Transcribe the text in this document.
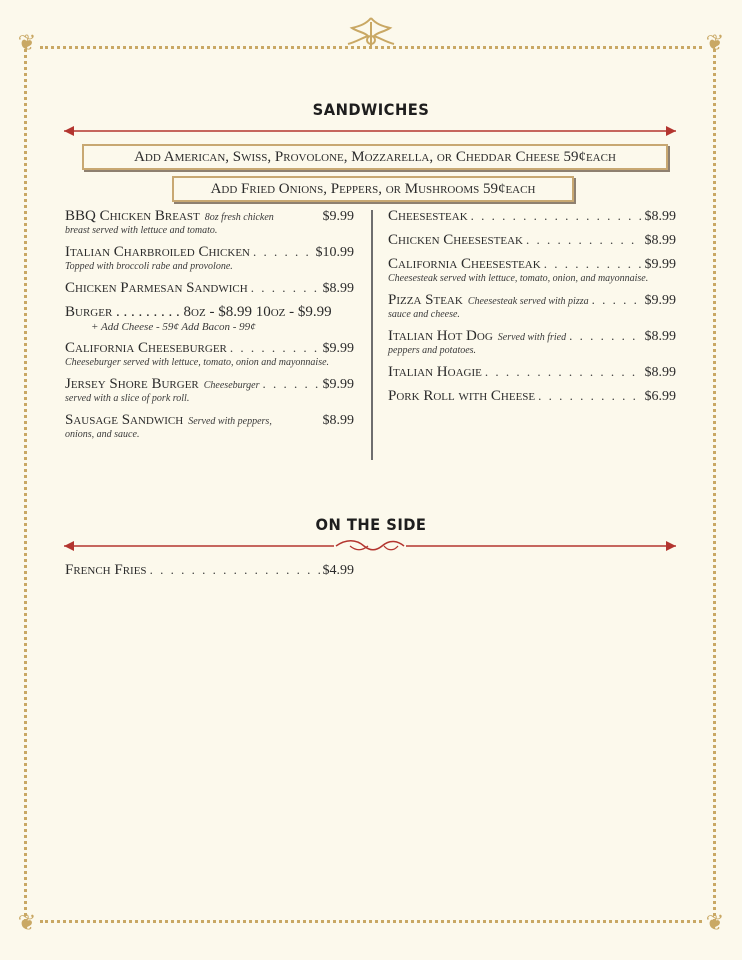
❦	❦
❦	❦
SANDWICHES
Add American, Swiss, Provolone, Mozzarella, or Cheddar Cheese 59¢each
Add Fried Onions, Peppers, or Mushrooms 59¢each
BBQ Chicken Breast 8oz fresh chicken	$9.99
breast served with lettuce and tomato.
Italian Charbroiled Chicken . . .	$10.99
Topped with broccoli rabe and provolone.
Chicken Parmesan Sandwich . . .	$8.99
Burger . . . . . . . . . 8oz - $8.99 10oz - $9.99
+ Add Cheese - 59¢ Add Bacon - 99¢
California Cheeseburger . . .	$9.99
Cheeseburger served with lettuce, tomato, onion and mayonnaise.
Jersey Shore Burger Cheeseburger . . .	$9.99
served with a slice of pork roll.
Sausage Sandwich Served with peppers,	$8.99
onions, and sauce.
Cheesesteak . . .	$8.99
Chicken Cheesesteak . . .	$8.99
California Cheesesteak . . .	$9.99
Cheesesteak served with lettuce, tomato, onion, and mayonnaise.
Pizza Steak Cheesesteak served with pizza . . .	$9.99
sauce and cheese.
Italian Hot Dog Served with fried . . .	$8.99
peppers and potatoes.
Italian Hoagie . . .	$8.99
Pork Roll with Cheese . . .	$6.99
ON THE SIDE
French Fries . . .	$4.99
